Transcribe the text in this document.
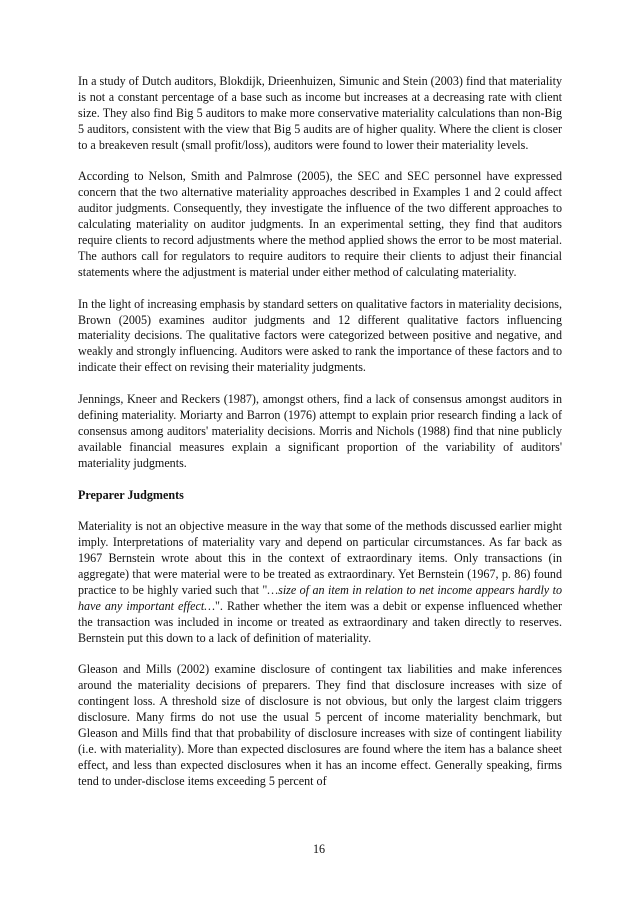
In a study of Dutch auditors, Blokdijk, Drieenhuizen, Simunic and Stein (2003) find that materiality is not a constant percentage of a base such as income but increases at a decreasing rate with client size. They also find Big 5 auditors to make more conservative materiality calculations than non-Big 5 auditors, consistent with the view that Big 5 audits are of higher quality. Where the client is closer to a breakeven result (small profit/loss), auditors were found to lower their materiality levels.

According to Nelson, Smith and Palmrose (2005), the SEC and SEC personnel have expressed concern that the two alternative materiality approaches described in Examples 1 and 2 could affect auditor judgments. Consequently, they investigate the influence of the two different approaches to calculating materiality on auditor judgments. In an experimental setting, they find that auditors require clients to record adjustments where the method applied shows the error to be most material. The authors call for regulators to require auditors to require their clients to adjust their financial statements where the adjustment is material under either method of calculating materiality.

In the light of increasing emphasis by standard setters on qualitative factors in materiality decisions, Brown (2005) examines auditor judgments and 12 different qualitative factors influencing materiality decisions. The qualitative factors were categorized between positive and negative, and weakly and strongly influencing. Auditors were asked to rank the importance of these factors and to indicate their effect on revising their materiality judgments.

Jennings, Kneer and Reckers (1987), amongst others, find a lack of consensus amongst auditors in defining materiality. Moriarty and Barron (1976) attempt to explain prior research finding a lack of consensus among auditors' materiality decisions. Morris and Nichols (1988) find that nine publicly available financial measures explain a significant proportion of the variability of auditors' materiality judgments.

Preparer Judgments

Materiality is not an objective measure in the way that some of the methods discussed earlier might imply. Interpretations of materiality vary and depend on particular circumstances. As far back as 1967 Bernstein wrote about this in the context of extraordinary items. Only transactions (in aggregate) that were material were to be treated as extraordinary. Yet Bernstein (1967, p. 86) found practice to be highly varied such that "…size of an item in relation to net income appears hardly to have any important effect…". Rather whether the item was a debit or expense influenced whether the transaction was included in income or treated as extraordinary and taken directly to reserves. Bernstein put this down to a lack of definition of materiality.

Gleason and Mills (2002) examine disclosure of contingent tax liabilities and make inferences around the materiality decisions of preparers. They find that disclosure increases with size of contingent loss. A threshold size of disclosure is not obvious, but only the largest claim triggers disclosure. Many firms do not use the usual 5 percent of income materiality benchmark, but Gleason and Mills find that that probability of disclosure increases with size of contingent liability (i.e. with materiality). More than expected disclosures are found where the item has a balance sheet effect, and less than expected disclosures when it has an income effect. Generally speaking, firms tend to under-disclose items exceeding 5 percent of

16
